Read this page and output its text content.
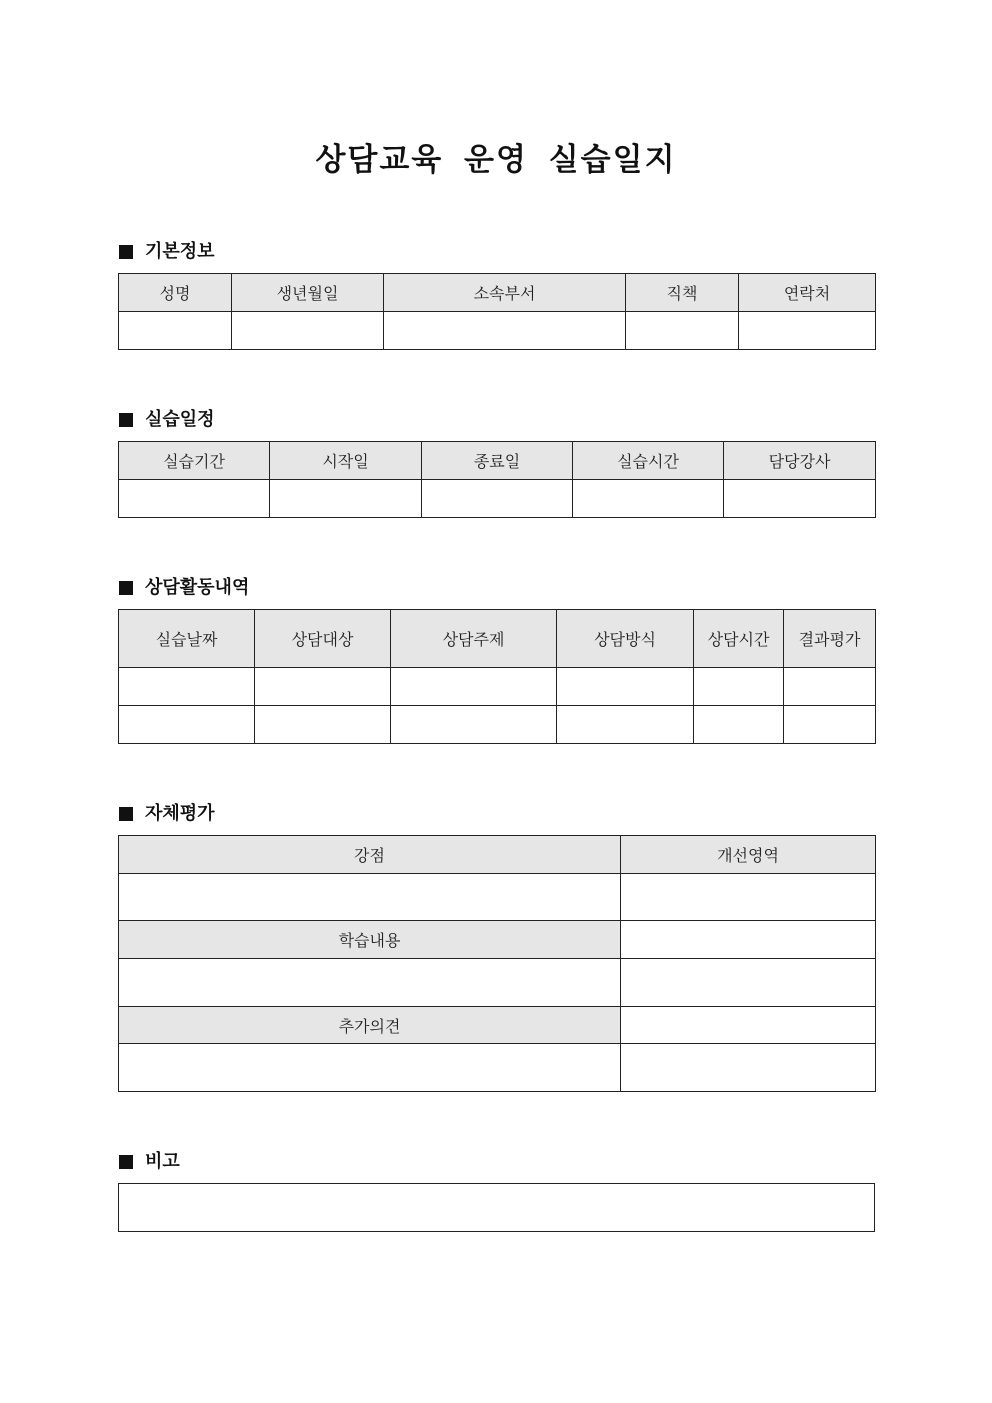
상담교육 운영 실습일지
기본정보
성명	생년월일	소속부서	직책	연락처

실습일정
실습기간	시작일	종료일	실습시간	담당강사

상담활동내역
실습날짜	상담대상	상담주제	상담방식	상담시간	결과평가

자체평가
강점	개선영역

학습내용	

추가의견	

비고
